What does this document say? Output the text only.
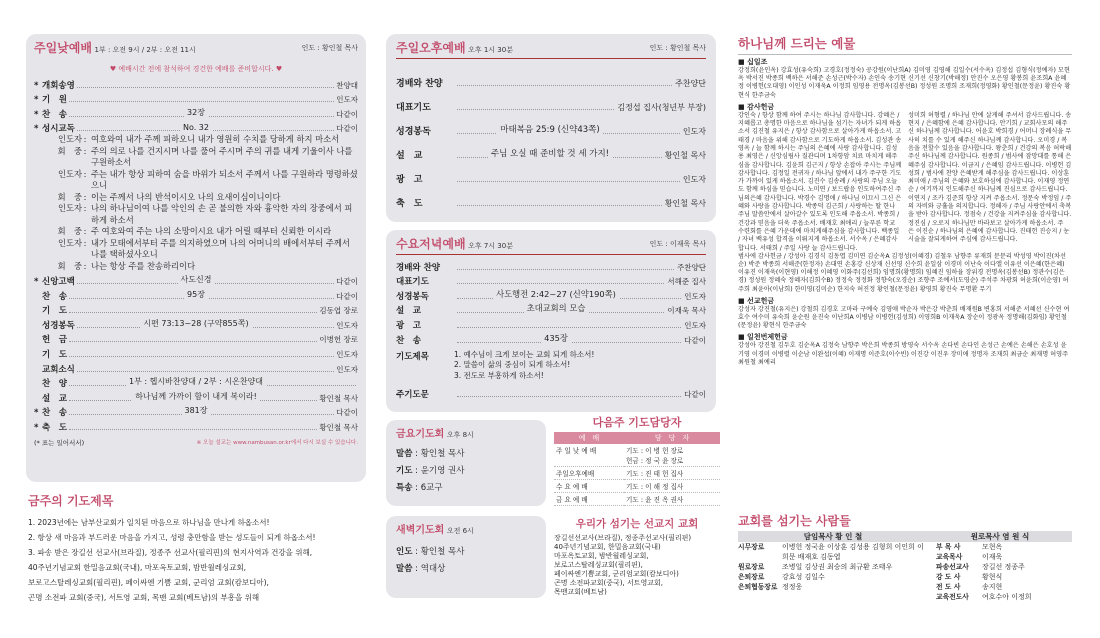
주일낮예배 1부 : 오전 9시 / 2부 : 오전 11시	인도 : 황인철 목사
♥ 예배시간 전에 참석하여 경건한 예배를 준비합시다. ♥
* 개회송영	찬양대
* 기　원	인도자
* 찬　송	다같이
32장
* 성시교독	다같이
No. 32
인도자 : 여호와여 내가 주께 피하오니 내가 영원히 수치를 당하게 하지 마소서
회　중 : 주의 의로 나를 건지시며 나를 풀어 주시며 주의 귀를 내게 기울이사 나를 구원하소서
인도자 : 주는 내가 항상 피하여 숨을 바위가 되소서 주께서 나를 구원하라 명령하셨으니
회　중 : 이는 주께서 나의 반석이시오 나의 요새이심이니이다
인도자 : 나의 하나님이여 나를 악인의 손 곧 불의한 자와 흉악한 자의 장중에서 피하게 하소서
회　중 : 주 여호와여 주는 나의 소망이시요 내가 어릴 때부터 신뢰한 이시라
인도자 : 내가 모태에서부터 주를 의지하였으며 나의 어머니의 배에서부터 주께서 나를 택하셨사오니
회　중 : 나는 항상 주를 찬송하리이다
* 신앙고백	다같이
사도신경
찬　송	다같이
95장
기　도	김동엽 장로
성경봉독	인도자
시편 73:13~28 (구약855쪽)
헌　금	이병헌 장로
기　도	인도자
교회소식	인도자
찬　양	1부 : 헵시바찬양대 / 2부 : 시온찬양대
설　교	황인철 목사
하나님께 가까이 함이 내게 복이라!
* 찬　송	다같이
381장
* 축　도	황인철 목사
(* 표는 일어서서)	※ 오늘 설교는 www.nambusan.or.kr에서 다시 보실 수 있습니다.
금주의 기도제목
1. 2023년에는 남부산교회가 일치된 마음으로 하나님을 만나게 하옵소서!
2. 항상 새 마음과 부드러운 마음을 가지고, 성령 충만함을 받는 성도들이 되게 하옵소서!
3. 파송 받은 장길선 선교사(브라질), 정종주 선교사(필리핀)의 현지사역과 건강을 위해,
40주년기념교회 한밀음교회(국내), 마포옥토교회, 밤반월레싱교회,
보로고스탈레싱교회(필리핀), 페이싸엔 기쁨 교회, 군리엄 교회(캄보디아),
곤명 소전파 교회(중국), 서트영 교회, 목맨 교회(베트남)의 부흥을 위해
주일오후예배 오후 1시 30분	인도 : 황인철 목사
경배와 찬양	주찬양단
대표기도	김정섭 집사(청년부 부장)
성경봉독	인도자
마태복음 25:9 (신약43쪽)
설　교	황인철 목사
주님 오실 때 준비할 것 세 가지!
광　고	인도자
축　도	황인철 목사
수요저녁예배 오후 7시 30분	인도 : 이재욱 목사
경배와 찬양	주찬양단
대표기도	서해준 집사
성경봉독	인도자
사도행전 2:42~27 (신약190쪽)
설　교	이재욱 목사
초대교회의 모습
광　고	인도자
찬　송	다같이
435장
기도제목	1. 예수님이 크게 보이는 교회 되게 하소서!
2. 말씀이 삶의 중심이 되게 하소서!
3. 전도로 부흥하게 하소서!
주기도문	다같이
금요기도회 오후 8시
말씀 : 황인철 목사
기도 : 윤기영 권사
특송 : 6교구
새벽기도회 오전 6시
인도 : 황인철 목사
말씀 : 역대상
다음주 기도담당자
예　배	담　당　자
주 일 낮 예 배	기도 : 이 병 헌 장로
헌금 : 정 국 윤 장로

주일오후예배	기도 : 진 태 헌 집사

수 요 예 배	기도 : 이 해 정 집사

금 요 예 배	기도 : 윤 진 옥 권사
우리가 섬기는 선교지 교회
장길선선교사(브라질), 정종주선교사(필리핀)
40주년기념교회, 한밀음교회(국내)
마포옥토교회, 밤반월레싱교회,
보로고스탈레싱교회(필리핀),
페이싸엔기쁨교회, 군리엄교회(캄보디아)
곤명 소전파교회(중국), 서트영교회,
목맨교회(베트남)
하나님께 드리는 예물
■ 십일조
강정희(윤인옥) 강효성(유숙희) 고경호(정정숙) 공강원(이난희A) 김미영 김영해 김일수(서수옥) 김정섭 김형식(정예자) 모현옥 박서진 박종희 백하은 서해준 손성근(박수자) 손인숙 송기현 신기선 신창기(박해정) 안진수 오은영 황봉희 윤조희A 윤혜정 이병헌(오대영) 이인성 이재욱A 이정희 임영용 전명옥(김봉선B) 정성원 조명희 조재희(정영화) 황인철(문정윤) 황진숙 황현식 한주금숙
■ 감사헌금
강인숙 / 항상 함께 하여 주시는 하나님 감사합니다. 강혜은 / 지혜롭고 총명한 마음으로 하나님을 섬기는 자녀가 되게 하옵소서 김진철 유지은 / 항상 감사함으로 살아가게 하옵소서. 고태경 / 마음을 위해 감사함으로 기도하게 하옵소서. 김성관 송영옥 / 늘 함께 하시는 주님의 은혜에 사랑 감사합니다. 김성용 최영은 / 신앙심림사 질관디며 1차항암 치료 마치게 해주심을 감사합니다. 김윤희 김근지 / 항상 손잡아 주시는 주님께 감사합니다. 김정일 전귀자 / 하나님 앞에서 내가 주구한 기도가 가까이 있게 하옵소서. 김진수 김송례 / 사랑의 주님 오늘도 함께 하심을 믿습니다. 노미연 / 보드랍음 인도하여주신 주님의은혜 감사합니다. 박경수 김명애 / 하나님 이끄시 그신 은혜와 사랑을 감사합니다. 박종덕 김근희 / 사랑하는 딸 한나 주님 말씀안에서 살아갈수 있도록 인도해 주옵소서. 박종희 / 건강과 믿음을 더욱 주옵소서. 배재호 최애리 / 늘푸른 학교 수련회를 은혜 가운데에 마치게해주심을 감사합니다. 백종일 / 자녀 백유성 합격을 이뤄지게 하옵소서. 서수옥 / 은혜감사합니다. 서태희 / 주일 사랑 늘 감사드립니다.
성미희 허형렬 / 하나님 안에 살게해 주셔서 감사드립니다. 송현지 / 은혜함에 은혜 감사합니다. 안기희 / 교회사모의 해주신 하나님께 감사합니다. 어윤호 박희경 / 어머니 장례식을 무사히 치를 수 있게 해주신 하나님께 감사합니다. 오미경 / 복음을 전할수 있음을 감사합니다. 왕춘희 / 건강의 복음 허락해주신 하나님께 감사합니다. 원종희 / 범사에 잠망대를 통해 은혜주심 감사합니다. 이금지 / 은혜임 감사드립니다. 이병헌 김성희 / 범사에 찬양 은혜받게 해주심을 감사드립니다. 이상훈 최미애 / 주님의 은혜와 보호하심에 감사합니다. 이재영 정연순 / 여기까지 인도해주신 하나님께 진심으로 감사드립니다. 이연지 / 조카 김준희 항상 지켜 주옵소서. 정문숙 박정임 / 주의 자비와 긍휼을 의지합니다. 정해자 / 주님 사랑안에서 축복을 받아 감사합니다. 정점숙 / 건강을 지켜주심을 감사합니다. 정진심 / 오로지 하나님만 바라보고 살아가게 하옵소서. 주　은 이진순 / 하나님의 은혜에 감사합니다. 진태헌 진승지 / 눈 시술을 잘되게하여 주심에 감사드립니다.
범사에 감사헌금 / 강성아 김경식 김동엽 김미연 김순옥A 김정성(이혜경) 김철우 남향주 류재희 문문리 박성영 박이진(차선순) 박준 박종희 서해준(한정자) 손대연 손홍강 신상재 신선영 신수희 윤일삼 이경미 이난숙 이다엘 이유선 이은혜(한은혜) 이유진 이재욱(이현영) 이해정 이혜영 이화주(김선희) 임명희(황명희) 임혜진 임하율 장위경 전명옥(김봉선B) 정관수(김은경) 정성원 정혜숙 정혜자(김희수B) 정정숙 정정화 정향숙(오경순) 조향주 조예서(도영순) 주석주 차광회 허윤희(이순영) 허주희 최윤아(이남희) 한미영(김미순) 한지숙 허진정 황인철(문정윤) 황영희 황진숙 무명환 무기
■ 선교헌금
강성자 강진철(유지은) 강철희 김경호 고마라 구예숙 김영애 박순자 박은강 박춘희 배재원B 변홍희 서해준 서혜선 신수현 여효수 여수미 유숙희 윤순원 윤진숙 이난희A 이병남 이병헌(김성희) 이영희B 이재욱A 장순이 정광옥 정명해(김화임) 황인철(문정윤) 황현식 한주금숙
■ 일천번제헌금
강성아 강진철 김두호 김순옥A 김정숙 남향주 박은희 박종희 방영숙 서수옥 손다빈 손다인 손성근 손예은 손해은 손호성 윤기영 이경미 이병렬 이순남 이완섭(이혜) 이재명 이준호(이수빈) 이진강 이진우 장미애 정명자 조재희 최금순 최재명 허영주 최원철 최예리
교회를 섬기는 사람들
담임목사 황 인 철	원로목사 염 원 식
시무장로	이병헌 정국윤 이상훈 김성용 김형희 이인희 이희문 배재호 김동엽
원로장로	조병일 김상권 최승의 최규환 조태우
은퇴장로	강효성 김일수
은퇴협동장로 정정웅
부 목 사	모현옥
교육목사	이재욱
파송선교사	장길선 정종주
강 도 사	황현식
전 도 사	송지현
교육전도사	여호수아 이정희
